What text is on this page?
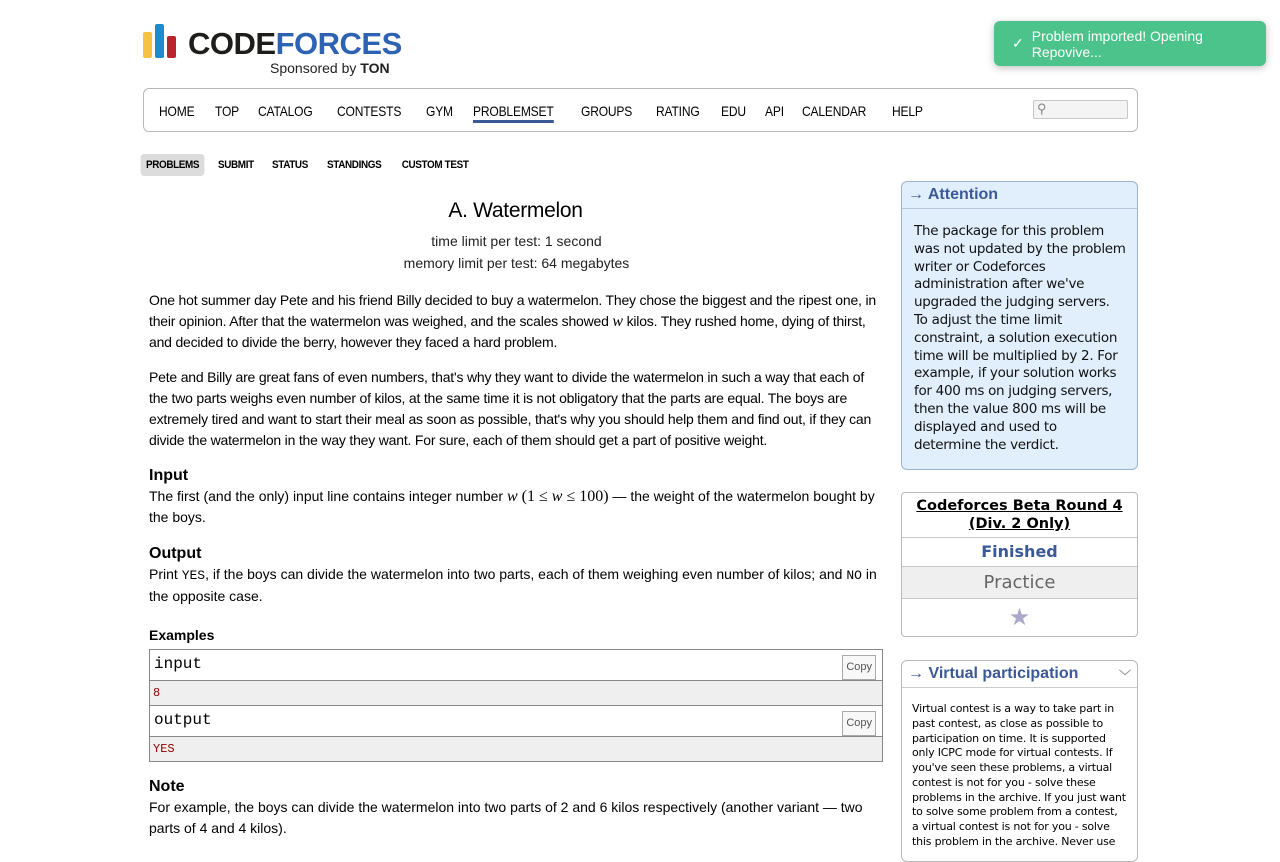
CODEFORCES
Sponsored by TON
✓ Problem imported! Opening Repovive...
HOME TOP CATALOG CONTESTS GYM PROBLEMSET GROUPS RATING EDU API CALENDAR HELP	⚲
PROBLEMS	SUBMIT	STATUS	STANDINGS	CUSTOM TEST
A. Watermelon
time limit per test: 1 second
memory limit per test: 64 megabytes

One hot summer day Pete and his friend Billy decided to buy a watermelon. They chose the biggest and the ripest one, in their opinion. After that the watermelon was weighed, and the scales showed w kilos. They rushed home, dying of thirst, and decided to divide the berry, however they faced a hard problem.

Pete and Billy are great fans of even numbers, that's why they want to divide the watermelon in such a way that each of the two parts weighs even number of kilos, at the same time it is not obligatory that the parts are equal. The boys are extremely tired and want to start their meal as soon as possible, that's why you should help them and find out, if they can divide the watermelon in the way they want. For sure, each of them should get a part of positive weight.

Input
The first (and the only) input line contains integer number w (1 ≤ w ≤ 100) — the weight of the watermelon bought by the boys.
Output
Print YES, if the boys can divide the watermelon into two parts, each of them weighing even number of kilos; and NO in the opposite case.
Examples
input	Copy
8
output	Copy
YES
Note
For example, the boys can divide the watermelon into two parts of 2 and 6 kilos respectively (another variant — two parts of 4 and 4 kilos).
→ Attention
The package for this problem was not updated by the problem writer or Codeforces administration after we've upgraded the judging servers. To adjust the time limit constraint, a solution execution time will be multiplied by 2. For example, if your solution works for 400 ms on judging servers, then the value 800 ms will be displayed and used to determine the verdict.
Codeforces Beta Round 4 (Div. 2 Only)
Finished
Practice
★
→ Virtual participation	﹀
Virtual contest is a way to take part in past contest, as close as possible to participation on time. It is supported only ICPC mode for virtual contests. If you've seen these problems, a virtual contest is not for you - solve these problems in the archive. If you just want to solve some problem from a contest, a virtual contest is not for you - solve this problem in the archive. Never use
